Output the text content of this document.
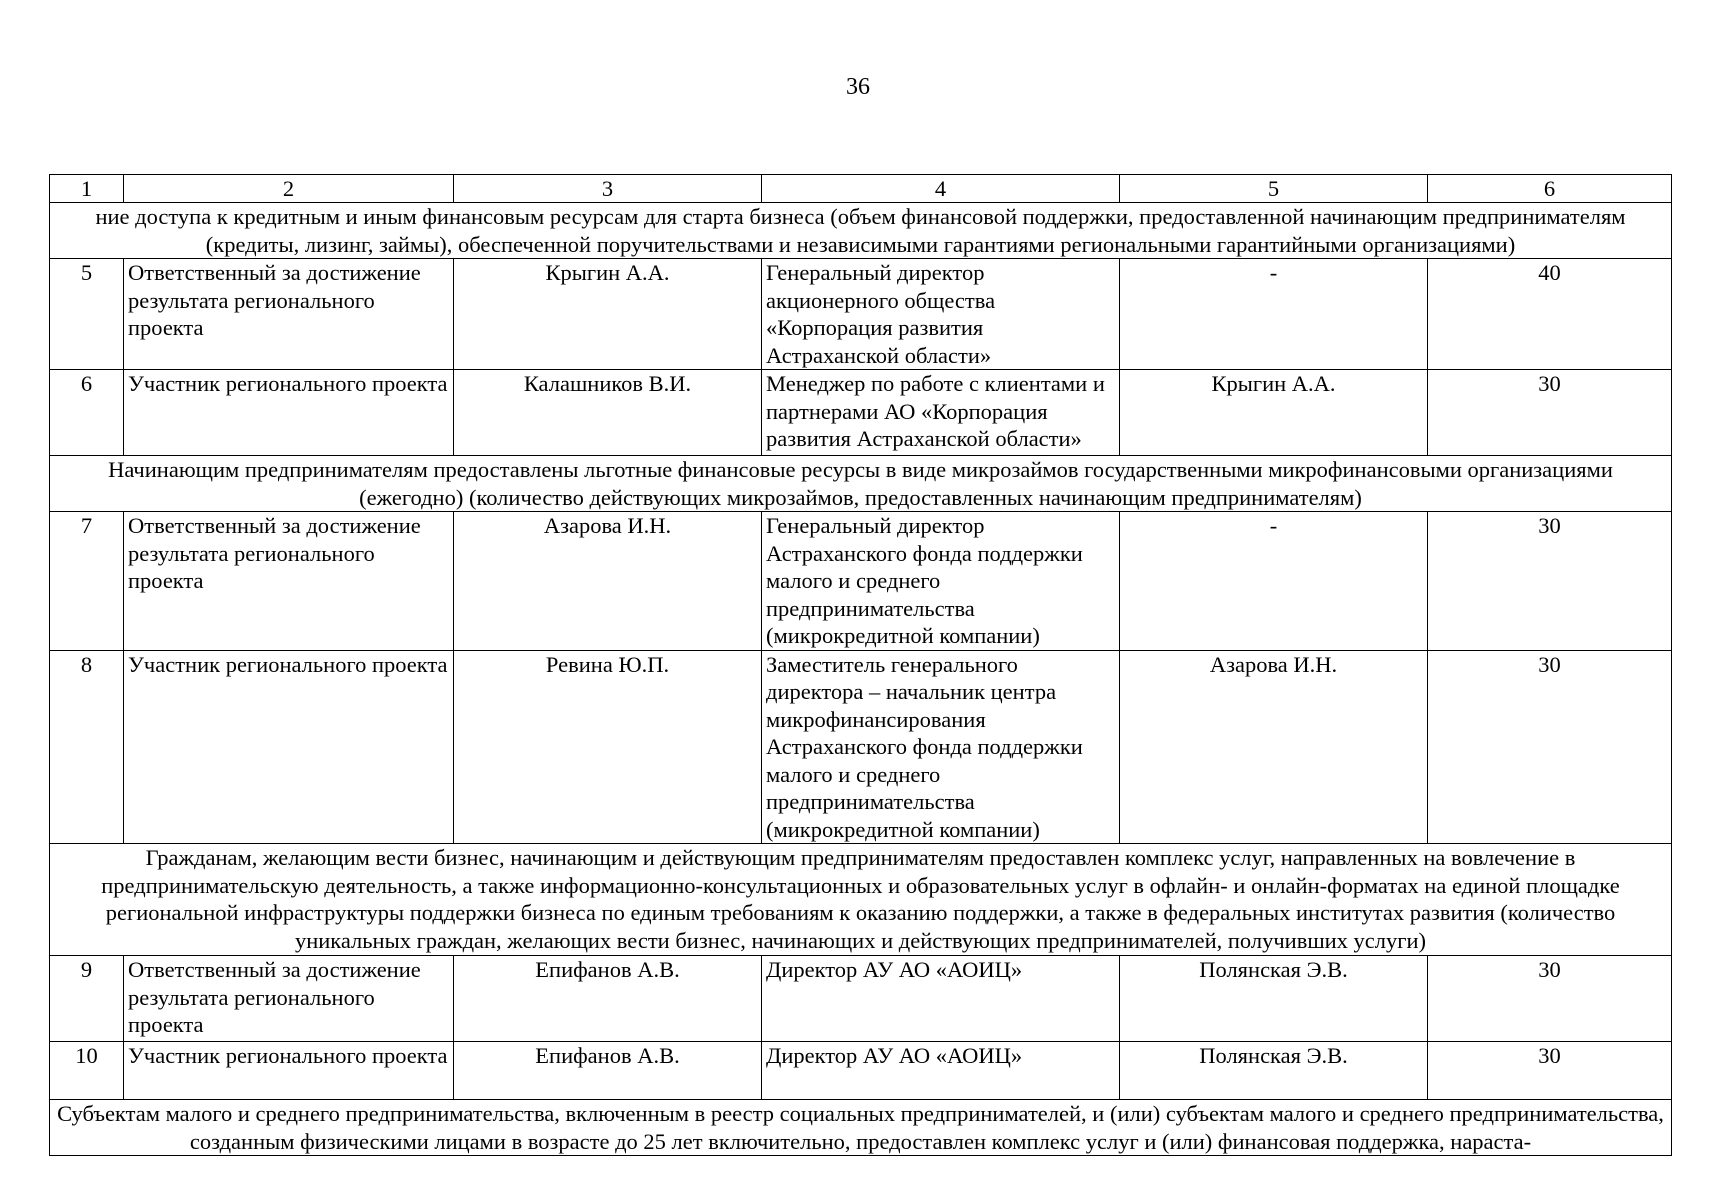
36
1	2	3	4	5	6
ние доступа к кредитным и иным финансовым ресурсам для старта бизнеса (объем финансовой поддержки, предоставленной начинающим предпринимателям (кредиты, лизинг, займы), обеспеченной поручительствами и независимыми гарантиями региональными гарантийными организациями)					
5	Ответственный за достижение результата регионального проекта	Крыгин А.А.	Генеральный директор акционерного общества «Корпорация развития Астраханской области»	-	40
6	Участник регионального проекта	Калашников В.И.	Менеджер по работе с клиентами и партнерами АО «Корпорация развития Астраханской области»	Крыгин А.А.	30
Начинающим предпринимателям предоставлены льготные финансовые ресурсы в виде микрозаймов государственными микрофинансовыми организациями (ежегодно) (количество действующих микрозаймов, предоставленных начинающим предпринимателям)					
7	Ответственный за достижение результата регионального проекта	Азарова И.Н.	Генеральный директор Астраханского фонда поддержки малого и среднего предпринимательства (микрокредитной компании)	-	30
8	Участник регионального проекта	Ревина Ю.П.	Заместитель генерального директора – начальник центра микрофинансирования Астраханского фонда поддержки малого и среднего предпринимательства (микрокредитной компании)	Азарова И.Н.	30
Гражданам, желающим вести бизнес, начинающим и действующим предпринимателям предоставлен комплекс услуг, направленных на вовлечение в предпринимательскую деятельность, а также информационно-консультационных и образовательных услуг в офлайн- и онлайн-форматах на единой площадке региональной инфраструктуры поддержки бизнеса по единым требованиям к оказанию поддержки, а также в федеральных институтах развития (количество уникальных граждан, желающих вести бизнес, начинающих и действующих предпринимателей, получивших услуги)					
9	Ответственный за достижение результата регионального проекта	Епифанов А.В.	Директор АУ АО «АОИЦ»	Полянская Э.В.	30
10	Участник регионального проекта	Епифанов А.В.	Директор АУ АО «АОИЦ»	Полянская Э.В.	30
Субъектам малого и среднего предпринимательства, включенным в реестр социальных предпринимателей, и (или) субъектам малого и среднего предпринимательства, созданным физическими лицами в возрасте до 25 лет включительно, предоставлен комплекс услуг и (или) финансовая поддержка, нараста-					
